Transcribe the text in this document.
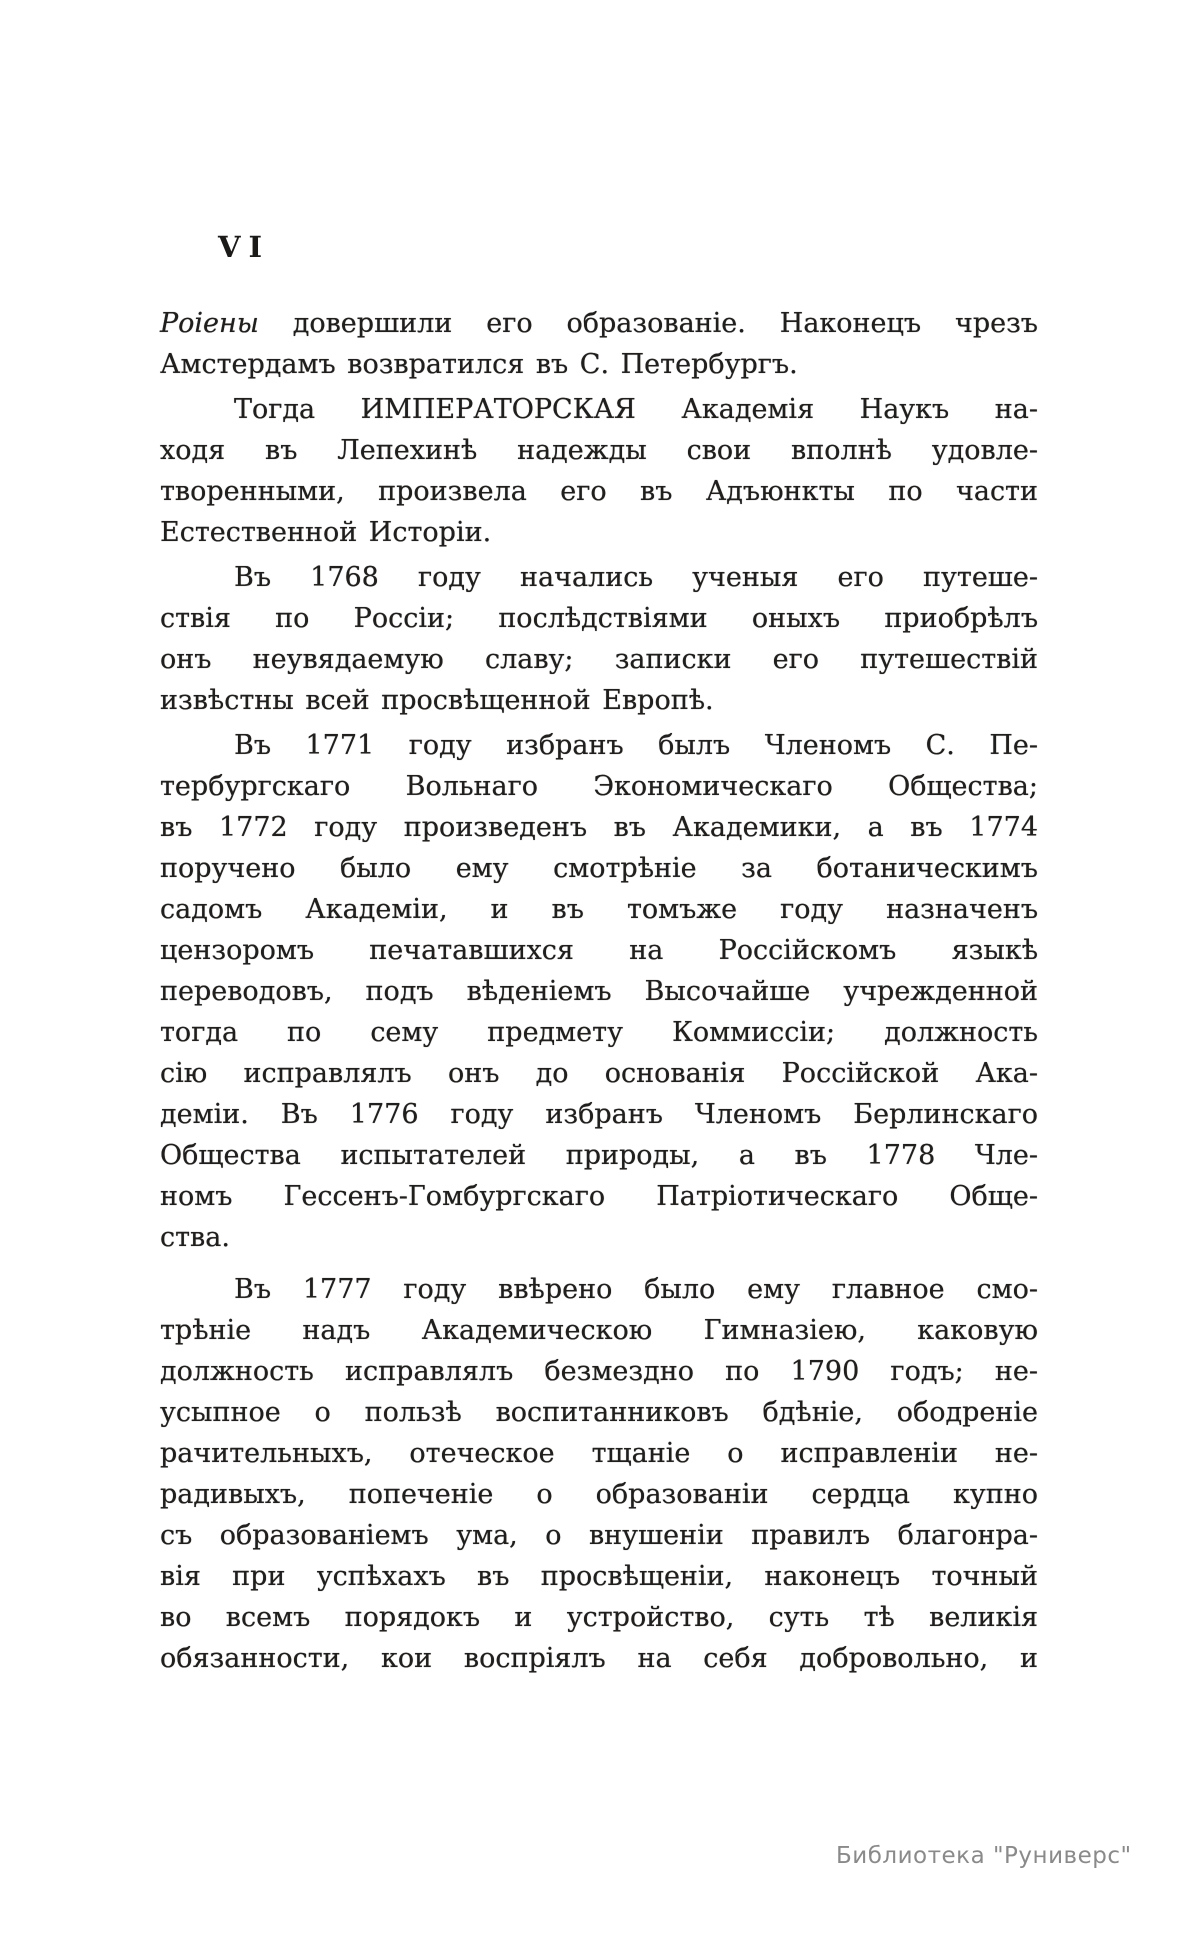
VI
Роіены довершили его образованіе. Наконецъ чрезъ
Амстердамъ возвратился въ С. Петербургъ.
Тогда ИМПЕРАТОРСКАЯ Академія Наукъ на-
ходя въ Лепехинѣ надежды свои вполнѣ удовле-
творенными, произвела его въ Адъюнкты по части
Естественной Исторіи.
Въ 1768 году начались ученыя его путеше-
ствія по Россіи; послѣдствіями оныхъ приобрѣлъ
онъ неувядаемую славу; записки его путешествій
извѣстны всей просвѣщенной Европѣ.
Въ 1771 году избранъ былъ Членомъ С. Пе-
тербургскаго Вольнаго Экономическаго Общества;
въ 1772 году произведенъ въ Академики, а въ 1774
поручено было ему смотрѣніе за ботаническимъ
садомъ Академіи, и въ томъже году назначенъ
цензоромъ печатавшихся на Россійскомъ языкѣ
переводовъ, подъ вѣденіемъ Высочайше учрежденной
тогда по сему предмету Коммиссіи; должность
сію исправлялъ онъ до основанія Россійской Ака-
деміи. Въ 1776 году избранъ Членомъ Берлинскаго
Общества испытателей природы, а въ 1778 Чле-
номъ Гессенъ-Гомбургскаго Патріотическаго Обще-
ства.
Въ 1777 году ввѣрено было ему главное смо-
трѣніе надъ Академическою Гимназіею, каковую
должность исправлялъ безмездно по 1790 годъ; не-
усыпное о пользѣ воспитанниковъ бдѣніе, ободреніе
рачительныхъ, отеческое тщаніе о исправленіи не-
радивыхъ, попеченіе о образованіи сердца купно
съ образованіемъ ума, о внушеніи правилъ благонра-
вія при успѣхахъ въ просвѣщеніи, наконецъ точный
во всемъ порядокъ и устройство, суть тѣ великія
обязанности, кои воспріялъ на себя добровольно, и
Библиотека "Руниверс"
